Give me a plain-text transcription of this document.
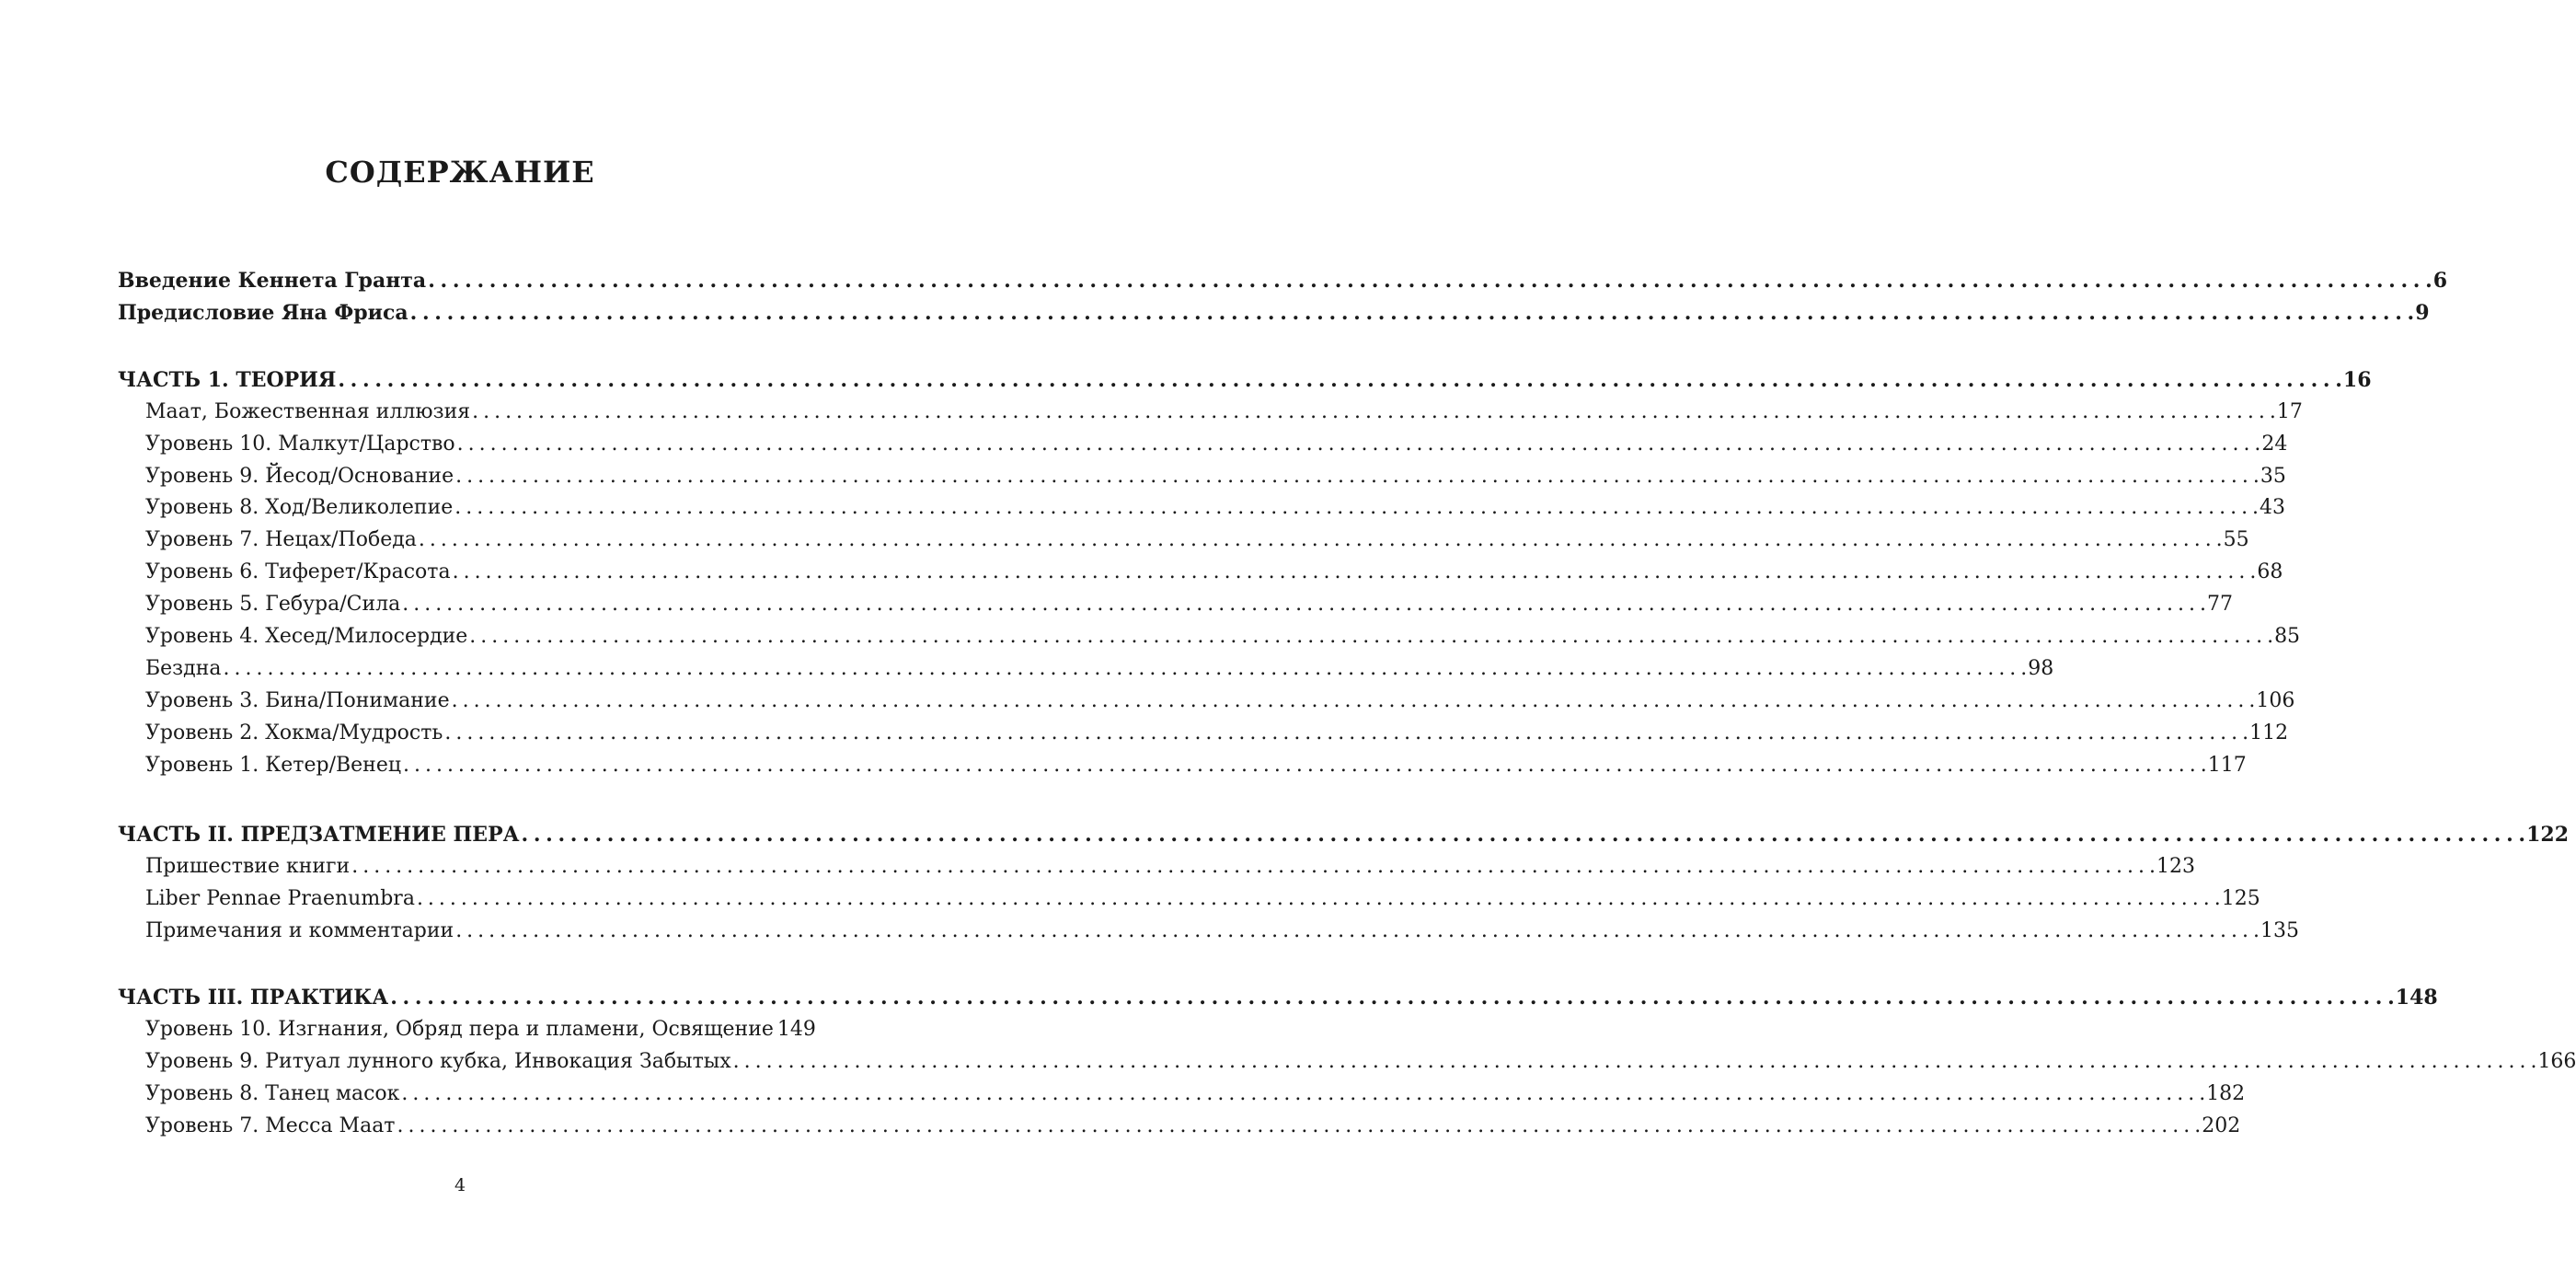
СОДЕРЖАНИЕ
Введение Кеннета Гранта . . .	6
Предисловие Яна Фриса . . .	9
ЧАСТЬ 1. ТЕОРИЯ . . .	16
Маат, Божественная иллюзия . . .	17
Уровень 10. Малкут/Царство . . .	24
Уровень 9. Йесод/Основание . . .	35
Уровень 8. Ход/Великолепие . . .	43
Уровень 7. Нецах/Победа . . .	55
Уровень 6. Тиферет/Красота . . .	68
Уровень 5. Гебура/Сила . . .	77
Уровень 4. Хесед/Милосердие . . .	85
Бездна . . .	98
Уровень 3. Бина/Понимание . . .	106
Уровень 2. Хокма/Мудрость . . .	112
Уровень 1. Кетер/Венец . . .	117
ЧАСТЬ II. ПРЕДЗАТМЕНИЕ ПЕРА . . .	122
Пришествие книги . . .	123
Liber Pennae Praenumbra . . .	125
Примечания и комментарии . . .	135
ЧАСТЬ III. ПРАКТИКА . . .	148
Уровень 10. Изгнания, Обряд пера и пламени, Освящение 149
Уровень 9. Ритуал лунного кубка, Инвокация Забытых . . .	166
Уровень 8. Танец масок . . .	182
Уровень 7. Месса Маат . . .	202
4
